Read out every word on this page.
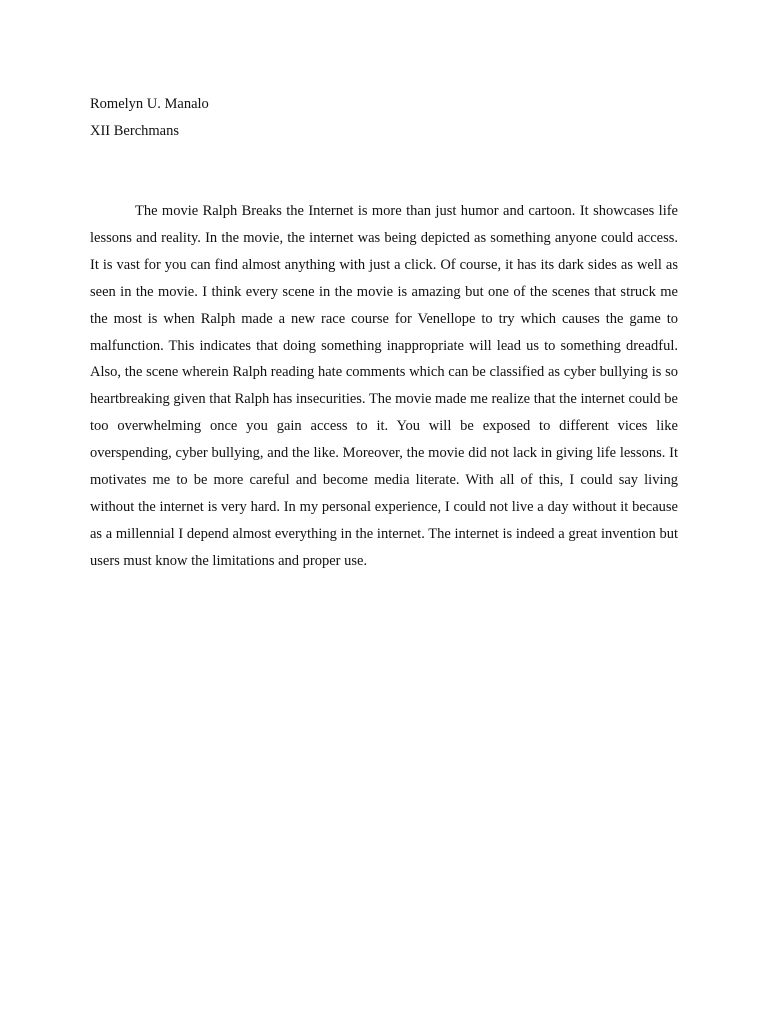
Romelyn U. Manalo
XII Berchmans

The movie Ralph Breaks the Internet is more than just humor and cartoon. It showcases life lessons and reality. In the movie, the internet was being depicted as something anyone could access. It is vast for you can find almost anything with just a click. Of course, it has its dark sides as well as seen in the movie. I think every scene in the movie is amazing but one of the scenes that struck me the most is when Ralph made a new race course for Venellope to try which causes the game to malfunction. This indicates that doing something inappropriate will lead us to something dreadful. Also, the scene wherein Ralph reading hate comments which can be classified as cyber bullying is so heartbreaking given that Ralph has insecurities. The movie made me realize that the internet could be too overwhelming once you gain access to it. You will be exposed to different vices like overspending, cyber bullying, and the like. Moreover, the movie did not lack in giving life lessons. It motivates me to be more careful and become media literate. With all of this, I could say living without the internet is very hard. In my personal experience, I could not live a day without it because as a millennial I depend almost everything in the internet. The internet is indeed a great invention but users must know the limitations and proper use.
